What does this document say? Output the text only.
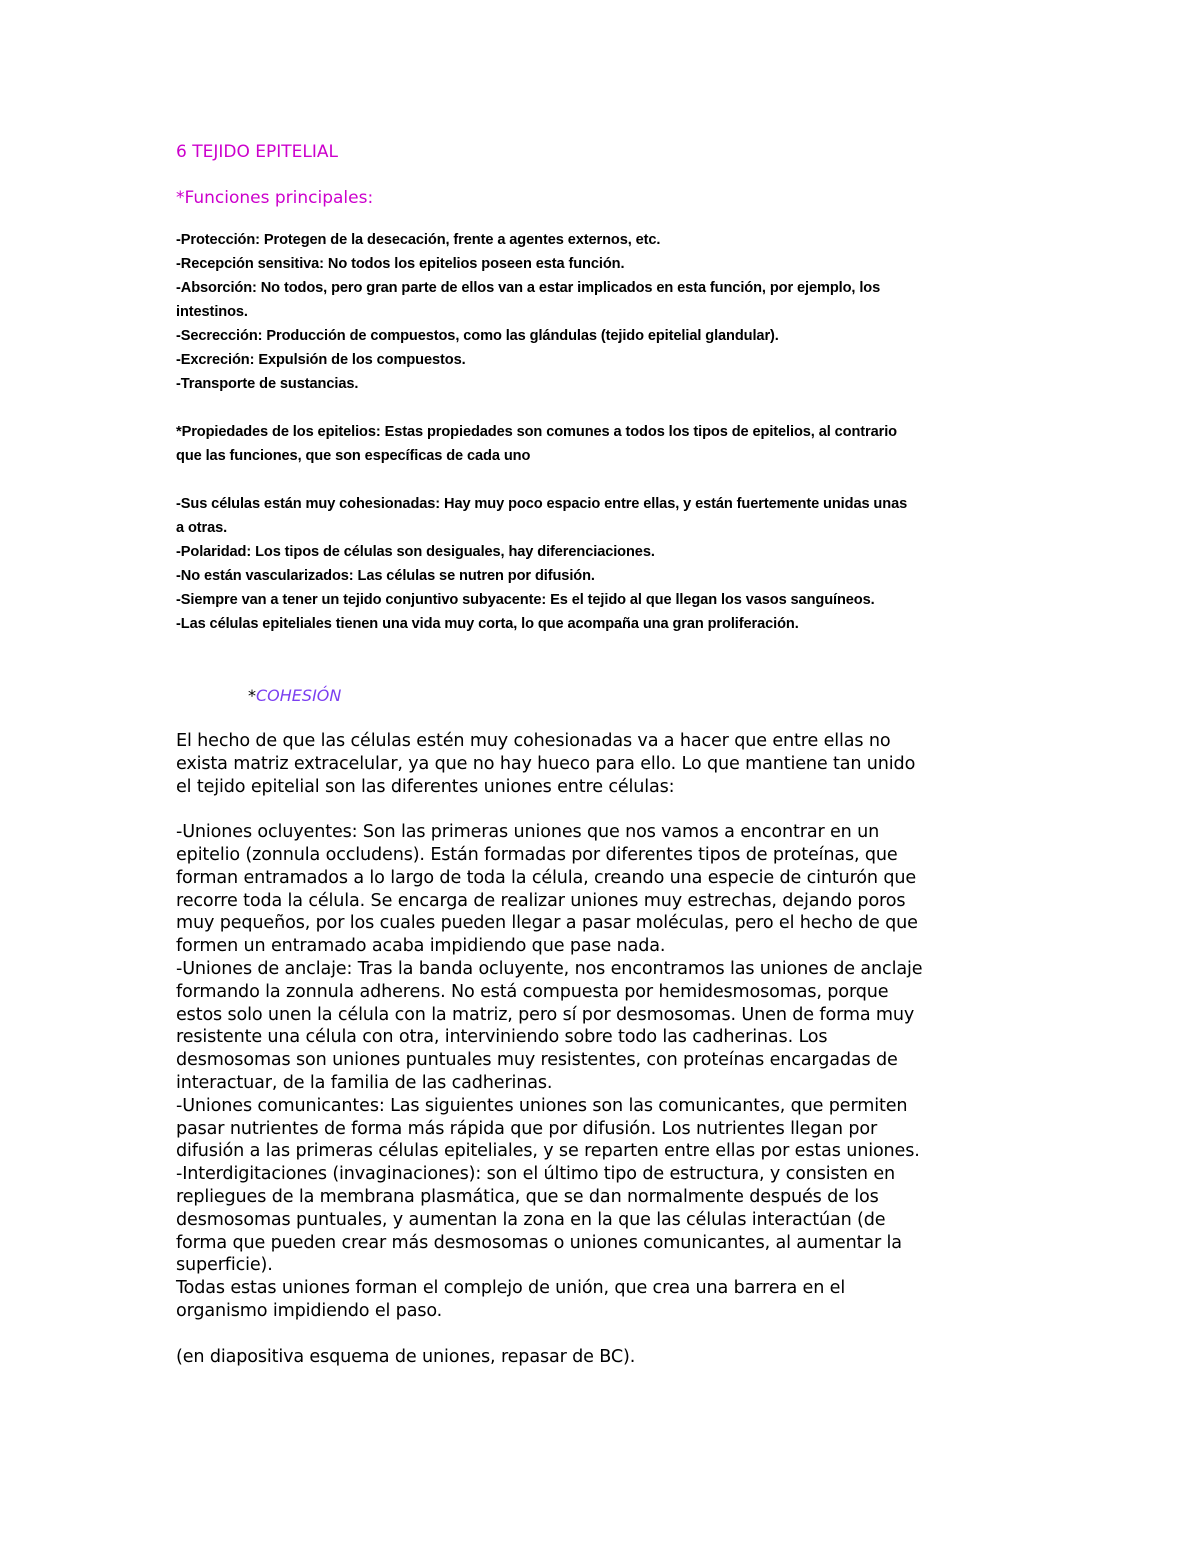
6 TEJIDO EPITELIAL

*Funciones principales:

-Protección: Protegen de la desecación, frente a agentes externos, etc.
-Recepción sensitiva: No todos los epitelios poseen esta función.
-Absorción: No todos, pero gran parte de ellos van a estar implicados en esta función, por ejemplo, los
intestinos.
-Secrección: Producción de compuestos, como las glándulas (tejido epitelial glandular).
-Excreción: Expulsión de los compuestos.
-Transporte de sustancias.
*Propiedades de los epitelios: Estas propiedades son comunes a todos los tipos de epitelios, al contrario
que las funciones, que son específicas de cada uno
-Sus células están muy cohesionadas: Hay muy poco espacio entre ellas, y están fuertemente unidas unas
a otras.
-Polaridad: Los tipos de células son desiguales, hay diferenciaciones.
-No están vascularizados: Las células se nutren por difusión.
-Siempre van a tener un tejido conjuntivo subyacente: Es el tejido al que llegan los vasos sanguíneos.
-Las células epiteliales tienen una vida muy corta, lo que acompaña una gran proliferación.

*COHESIÓN

El hecho de que las células estén muy cohesionadas va a hacer que entre ellas no
exista matriz extracelular, ya que no hay hueco para ello. Lo que mantiene tan unido
el tejido epitelial son las diferentes uniones entre células:
-Uniones ocluyentes: Son las primeras uniones que nos vamos a encontrar en un
epitelio (zonnula occludens). Están formadas por diferentes tipos de proteínas, que
forman entramados a lo largo de toda la célula, creando una especie de cinturón que
recorre toda la célula. Se encarga de realizar uniones muy estrechas, dejando poros
muy pequeños, por los cuales pueden llegar a pasar moléculas, pero el hecho de que
formen un entramado acaba impidiendo que pase nada.
-Uniones de anclaje: Tras la banda ocluyente, nos encontramos las uniones de anclaje
formando la zonnula adherens. No está compuesta por hemidesmosomas, porque
estos solo unen la célula con la matriz, pero sí por desmosomas. Unen de forma muy
resistente una célula con otra, interviniendo sobre todo las cadherinas. Los
desmosomas son uniones puntuales muy resistentes, con proteínas encargadas de
interactuar, de la familia de las cadherinas.
-Uniones comunicantes: Las siguientes uniones son las comunicantes, que permiten
pasar nutrientes de forma más rápida que por difusión. Los nutrientes llegan por
difusión a las primeras células epiteliales, y se reparten entre ellas por estas uniones.
-Interdigitaciones (invaginaciones): son el último tipo de estructura, y consisten en
repliegues de la membrana plasmática, que se dan normalmente después de los
desmosomas puntuales, y aumentan la zona en la que las células interactúan (de
forma que pueden crear más desmosomas o uniones comunicantes, al aumentar la
superficie).
Todas estas uniones forman el complejo de unión, que crea una barrera en el
organismo impidiendo el paso.

(en diapositiva esquema de uniones, repasar de BC).
